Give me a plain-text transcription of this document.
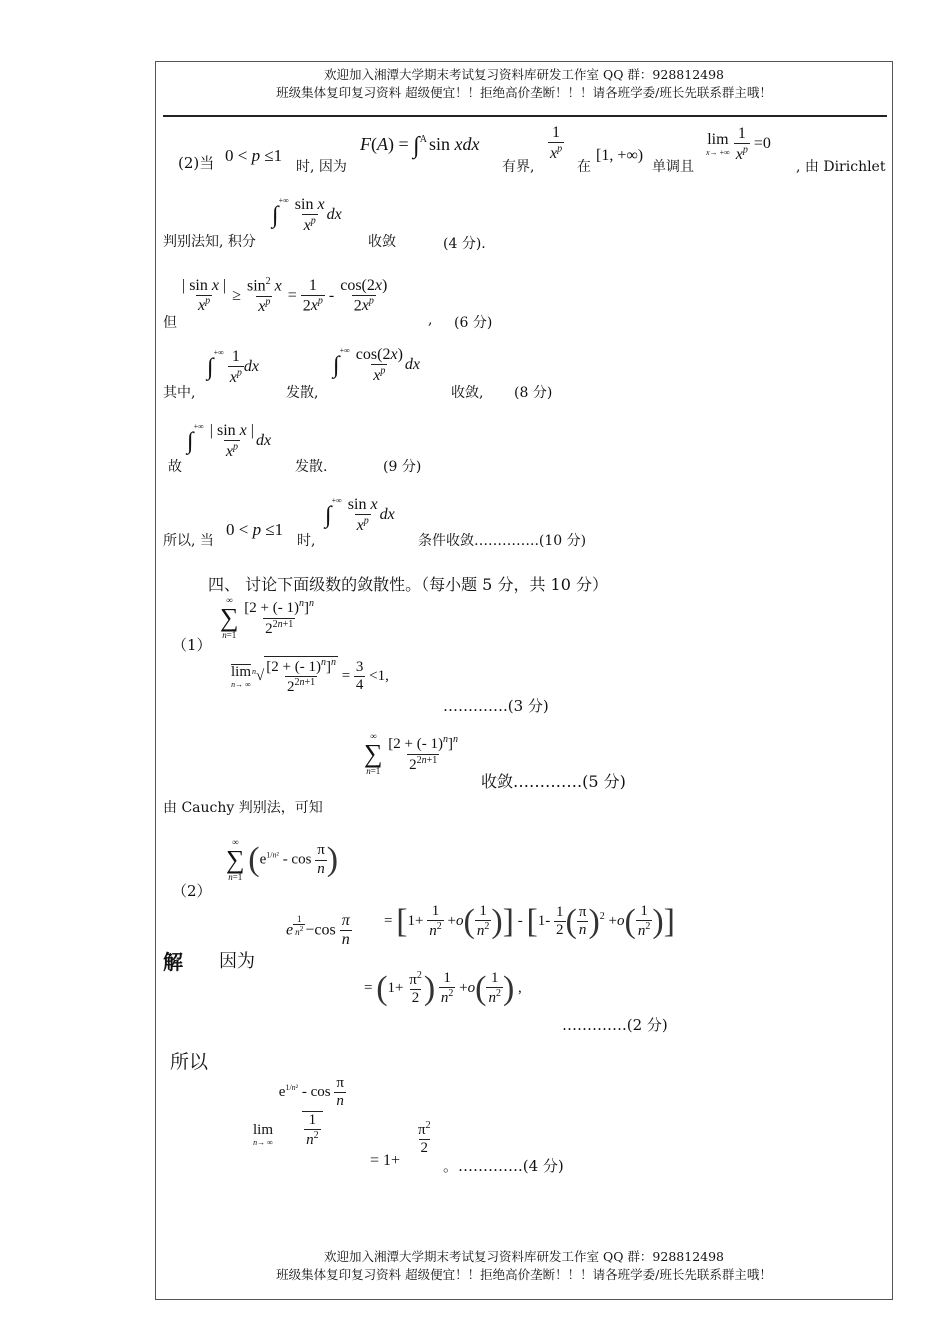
欢迎加入湘潭大学期末考试复习资料库研发工作室 QQ 群：928812498
班级集体复印复习资料 超级便宜！！拒绝高价垄断！！！请各班学委/班长先联系群主哦！
(2)当 0 < p ≤1
时, 因为
F(A) = ∫$^A$ sin xdx
有界,
$\frac{1}{x^p}$
在
[1, +∞)
单调且
lim
x→ +∞
$\frac{1}{x^p} =0$
, 由 Dirichlet
判别法知, 积分
$\int^{+\infty} \frac{\text{sin x}}{x^p}$ dx
收敛	(4 分).
但
$\frac{\text{| sin x |}}{x^p} \ge \frac{\sin^2 x}{x^p} = \frac{1}{2x^p} - \frac{\cos(2x)}{2x^p}$
, (6 分)
其中,
$\int^{+\infty} \frac{1}{x^p}$ dx
发散,
$\int^{+\infty} \frac{\cos(2x)}{x^p}$ dx
收敛, (8 分)
故
$\int^{+\infty} \frac{\text{| sin x |}}{x^p}$ dx
发散.	(9 分)
所以, 当
0 < p ≤1
时,
$\int^{+\infty} \frac{\text{sin x}}{x^p}$ dx
条件收敛…………..(10 分)
四、 讨论下面级数的敛散性。（每小题 5 分，共 10 分）
（1）
∞
∑
n=1
$\frac{[2 + (- 1)^n]^n}{2^{2n+1}}$
lim
n→ ∞
$^n√ \frac{[2 + (- 1)^n]^n}{2^{2n+1}} = \frac{3}{4} <1$,
………….(3 分)
∞
∑
n=1
$\frac{[2 + (- 1)^n]^n}{2^{2n+1}}$
收敛………….(5 分)
由 Cauchy 判别法，可知
（2）
∞
∑
n=1 ($e^{1/n^2}$ - $\cos \frac{\pi}{n}$ )
解 因为
e $^{\frac{1}{n^2}} -\cos \frac{\pi}{n} = [1+ \frac{1}{n^2} +o( \frac{1}{n^2}$ )] - [$1- \frac{1}{2}$ ( $\frac{\pi}{n} )^2 +o( \frac{1}{n^2}$ )]
= ($1+ \frac{\pi^2}{2}$ ) $\frac{1}{n^2} +o( \frac{1}{n^2}$ ) ,
………….(2 分)
所以
lim
n→ ∞
$\frac{e^{1/n^2} - \cos \frac{\pi}{n}}{\frac{1}{n^2}}$
= 1+
$\frac{\pi^2}{2}$
。………….(4 分)
欢迎加入湘潭大学期末考试复习资料库研发工作室 QQ 群：928812498
班级集体复印复习资料 超级便宜！！拒绝高价垄断！！！请各班学委/班长先联系群主哦！
